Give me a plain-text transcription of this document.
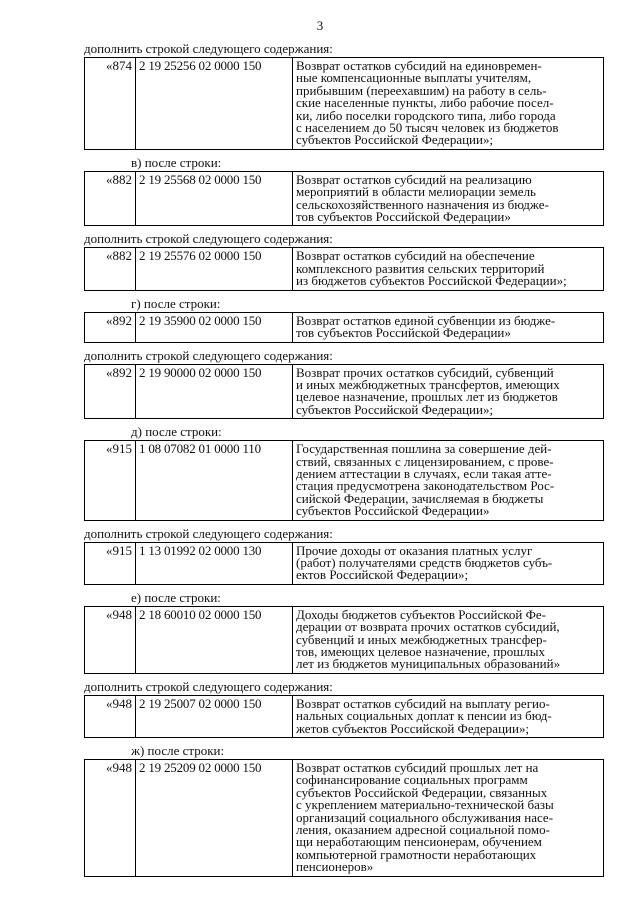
3
дополнить строкой следующего содержания:
«874	2 19 25256 02 0000 150	Возврат остатков субсидий на единовремен-
ные компенсационные выплаты учителям,
прибывшим (переехавшим) на работу в сель-
ские населенные пункты, либо рабочие посел-
ки, либо поселки городского типа, либо города
с населением до 50 тысяч человек из бюджетов
субъектов Российской Федерации»;
в) после строки:
«882	2 19 25568 02 0000 150	Возврат остатков субсидий на реализацию
мероприятий в области мелиорации земель
сельскохозяйственного назначения из бюдже-
тов субъектов Российской Федерации»
дополнить строкой следующего содержания:
«882	2 19 25576 02 0000 150	Возврат остатков субсидий на обеспечение
комплексного развития сельских территорий
из бюджетов субъектов Российской Федерации»;
г) после строки:
«892	2 19 35900 02 0000 150	Возврат остатков единой субвенции из бюдже-
тов субъектов Российской Федерации»
дополнить строкой следующего содержания:
«892	2 19 90000 02 0000 150	Возврат прочих остатков субсидий, субвенций
и иных межбюджетных трансфертов, имеющих
целевое назначение, прошлых лет из бюджетов
субъектов Российской Федерации»;
д) после строки:
«915	1 08 07082 01 0000 110	Государственная пошлина за совершение дей-
ствий, связанных с лицензированием, с прове-
дением аттестации в случаях, если такая атте-
стация предусмотрена законодательством Рос-
сийской Федерации, зачисляемая в бюджеты
субъектов Российской Федерации»
дополнить строкой следующего содержания:
«915	1 13 01992 02 0000 130	Прочие доходы от оказания платных услуг
(работ) получателями средств бюджетов субъ-
ектов Российской Федерации»;
е) после строки:
«948	2 18 60010 02 0000 150	Доходы бюджетов субъектов Российской Фе-
дерации от возврата прочих остатков субсидий,
субвенций и иных межбюджетных трансфер-
тов, имеющих целевое назначение, прошлых
лет из бюджетов муниципальных образований»
дополнить строкой следующего содержания:
«948	2 19 25007 02 0000 150	Возврат остатков субсидий на выплату регио-
нальных социальных доплат к пенсии из бюд-
жетов субъектов Российской Федерации»;
ж) после строки:
«948	2 19 25209 02 0000 150	Возврат остатков субсидий прошлых лет на
софинансирование социальных программ
субъектов Российской Федерации, связанных
с укреплением материально-технической базы
организаций социального обслуживания насе-
ления, оказанием адресной социальной помо-
щи неработающим пенсионерам, обучением
компьютерной грамотности неработающих
пенсионеров»
